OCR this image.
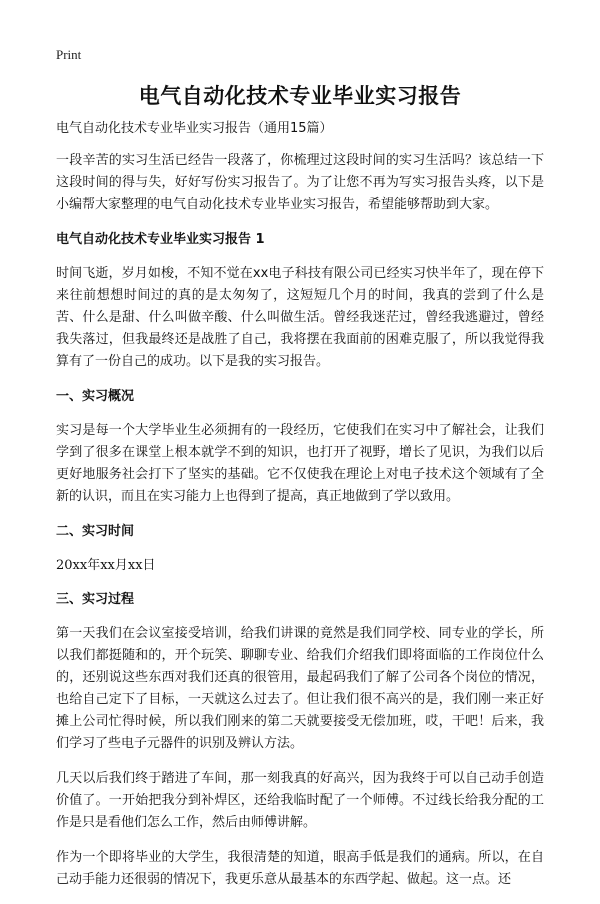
Print
电气自动化技术专业毕业实习报告

电气自动化技术专业毕业实习报告（通用15篇）

一段辛苦的实习生活已经告一段落了，你梳理过这段时间的实习生活吗？该总结一下这段时间的得与失，好好写份实习报告了。为了让您不再为写实习报告头疼，以下是小编帮大家整理的电气自动化技术专业毕业实习报告，希望能够帮助到大家。

电气自动化技术专业毕业实习报告 1

时间飞逝，岁月如梭，不知不觉在xx电子科技有限公司已经实习快半年了，现在停下来往前想想时间过的真的是太匆匆了，这短短几个月的时间，我真的尝到了什么是苦、什么是甜、什么叫做辛酸、什么叫做生活。曾经我迷茫过，曾经我逃避过，曾经我失落过，但我最终还是战胜了自己，我将摆在我面前的困难克服了，所以我觉得我算有了一份自己的成功。以下是我的实习报告。

一、实习概况

实习是每一个大学毕业生必须拥有的一段经历，它使我们在实习中了解社会，让我们学到了很多在课堂上根本就学不到的知识，也打开了视野，增长了见识，为我们以后更好地服务社会打下了坚实的基础。它不仅使我在理论上对电子技术这个领域有了全新的认识，而且在实习能力上也得到了提高，真正地做到了学以致用。

二、实习时间

20xx年xx月xx日

三、实习过程

第一天我们在会议室接受培训，给我们讲课的竟然是我们同学校、同专业的学长，所以我们都挺随和的，开个玩笑、聊聊专业、给我们介绍我们即将面临的工作岗位什么的，还别说这些东西对我们还真的很管用，最起码我们了解了公司各个岗位的情况，也给自己定下了目标，一天就这么过去了。但让我们很不高兴的是，我们刚一来正好摊上公司忙得时候，所以我们刚来的第二天就要接受无偿加班，哎，干吧！后来，我们学习了些电子元器件的识别及辨认方法。

几天以后我们终于踏进了车间，那一刻我真的好高兴，因为我终于可以自己动手创造价值了。一开始把我分到补焊区，还给我临时配了一个师傅。不过线长给我分配的工作是只是看他们怎么工作，然后由师傅讲解。

作为一个即将毕业的大学生，我很清楚的知道，眼高手低是我们的通病。所以，在自己动手能力还很弱的情况下，我更乐意从最基本的东西学起、做起。这一点。还
